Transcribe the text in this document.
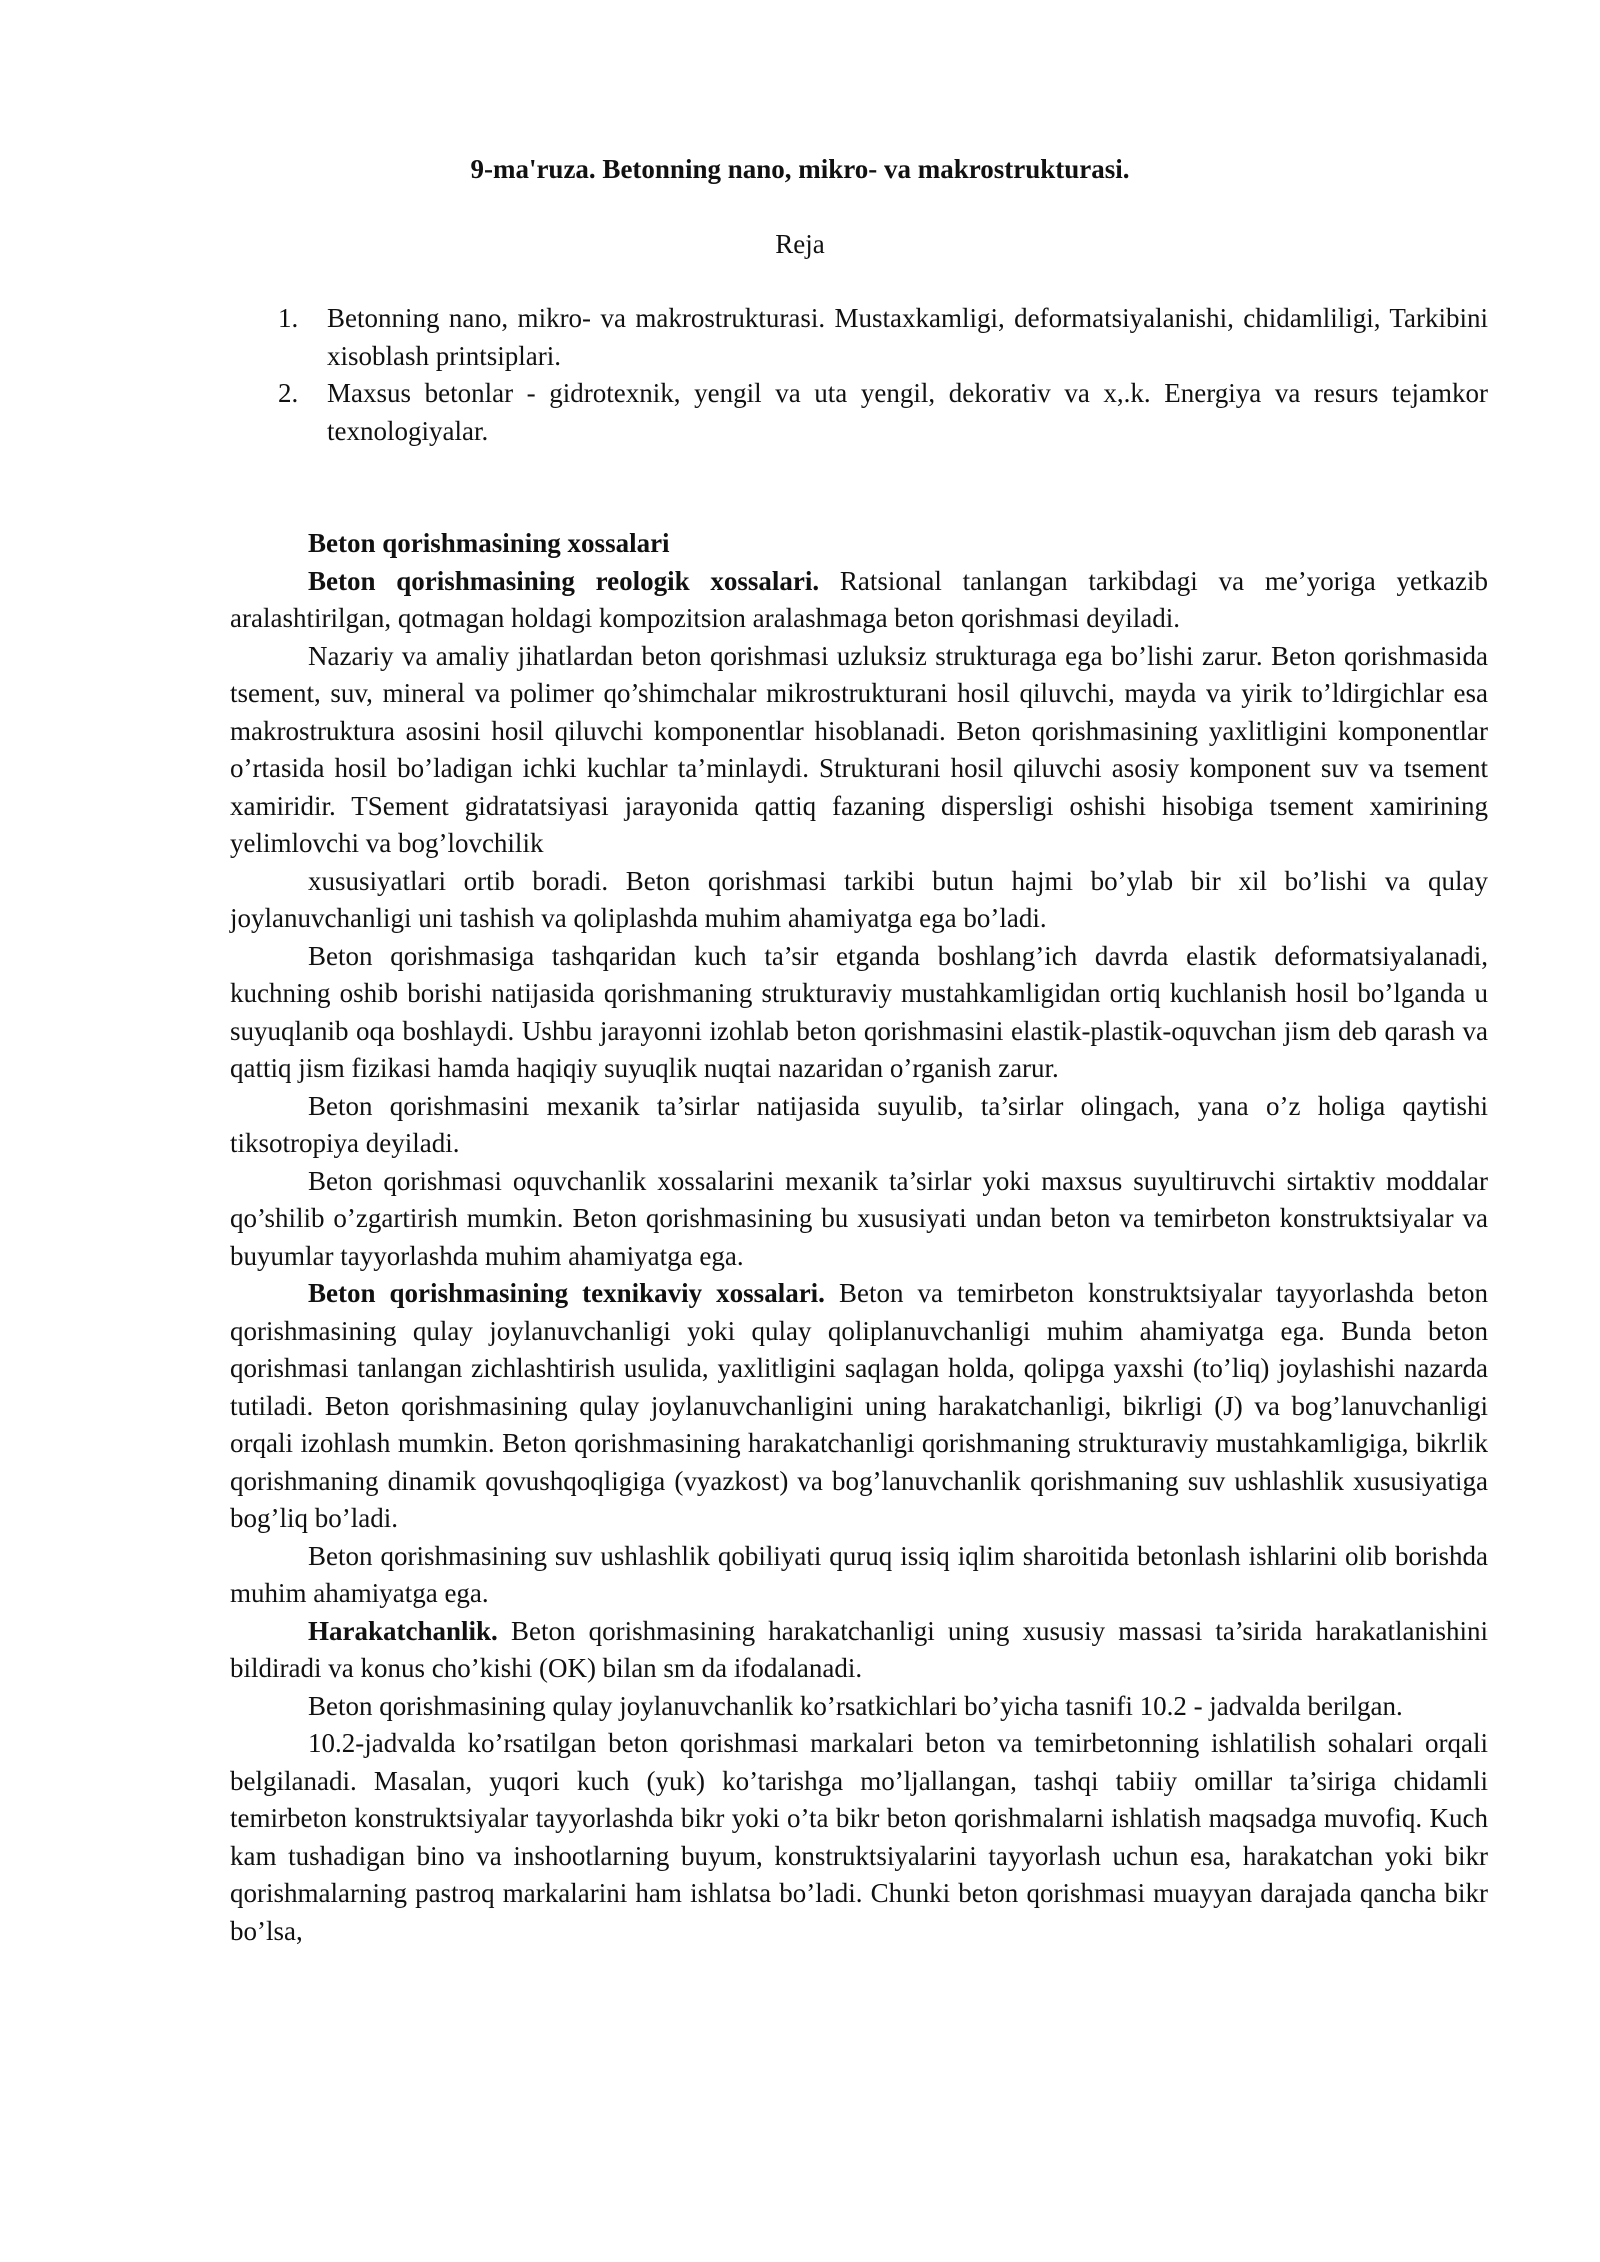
9-ma'ruza. Betonning nano, mikro- va makrostrukturasi.

Reja

1. Betonning nano, mikro- va makrostrukturasi. Mustaxkamligi, deformatsiyalanishi, chidamliligi, Tarkibini xisoblash printsiplari.
2. Maxsus betonlar - gidrotexnik, yengil va uta yengil, dekorativ va x,.k. Energiya va resurs tejamkor texnologiyalar.

Beton qorishmasining xossalari

Beton qorishmasining reologik xossalari. Ratsional tanlangan tarkibdagi va me’yoriga yetkazib aralashtirilgan, qotmagan holdagi kompozitsion aralashmaga beton qorishmasi deyiladi.

Nazariy va amaliy jihatlardan beton qorishmasi uzluksiz strukturaga ega bo’lishi zarur. Beton qorishmasida tsement, suv, mineral va polimer qo’shimchalar mikrostrukturani hosil qiluvchi, mayda va yirik to’ldirgichlar esa makrostruktura asosini hosil qiluvchi komponentlar hisoblanadi. Beton qorishmasining yaxlitligini komponentlar o’rtasida hosil bo’ladigan ichki kuchlar ta’minlaydi. Strukturani hosil qiluvchi asosiy komponent suv va tsement xamiridir. TSement gidratatsiyasi jarayonida qattiq fazaning dispersligi oshishi hisobiga tsement xamirining yelimlovchi va bog’lovchilik

xususiyatlari ortib boradi. Beton qorishmasi tarkibi butun hajmi bo’ylab bir xil bo’lishi va qulay joylanuvchanligi uni tashish va qoliplashda muhim ahamiyatga ega bo’ladi.

Beton qorishmasiga tashqaridan kuch ta’sir etganda boshlang’ich davrda elastik deformatsiyalanadi, kuchning oshib borishi natijasida qorishmaning strukturaviy mustahkamligidan ortiq kuchlanish hosil bo’lganda u suyuqlanib oqa boshlaydi. Ushbu jarayonni izohlab beton qorishmasini elastik-plastik-oquvchan jism deb qarash va qattiq jism fizikasi hamda haqiqiy suyuqlik nuqtai nazaridan o’rganish zarur.

Beton qorishmasini mexanik ta’sirlar natijasida suyulib, ta’sirlar olingach, yana o’z holiga qaytishi tiksotropiya deyiladi.

Beton qorishmasi oquvchanlik xossalarini mexanik ta’sirlar yoki maxsus suyultiruvchi sirtaktiv moddalar qo’shilib o’zgartirish mumkin. Beton qorishmasining bu xususiyati undan beton va temirbeton konstruktsiyalar va buyumlar tayyorlashda muhim ahamiyatga ega.

Beton qorishmasining texnikaviy xossalari. Beton va temirbeton konstruktsiyalar tayyorlashda beton qorishmasining qulay joylanuvchanligi yoki qulay qoliplanuvchanligi muhim ahamiyatga ega. Bunda beton qorishmasi tanlangan zichlashtirish usulida, yaxlitligini saqlagan holda, qolipga yaxshi (to’liq) joylashishi nazarda tutiladi. Beton qorishmasining qulay joylanuvchanligini uning harakatchanligi, bikrligi (J) va bog’lanuvchanligi orqali izohlash mumkin. Beton qorishmasining harakatchanligi qorishmaning strukturaviy mustahkamligiga, bikrlik qorishmaning dinamik qovushqoqligiga (vyazkost) va bog’lanuvchanlik qorishmaning suv ushlashlik xususiyatiga bog’liq bo’ladi.

Beton qorishmasining suv ushlashlik qobiliyati quruq issiq iqlim sharoitida betonlash ishlarini olib borishda muhim ahamiyatga ega.

Harakatchanlik. Beton qorishmasining harakatchanligi uning xususiy massasi ta’sirida harakatlanishini bildiradi va konus cho’kishi (OK) bilan sm da ifodalanadi.

Beton qorishmasining qulay joylanuvchanlik ko’rsatkichlari bo’yicha tasnifi 10.2 - jadvalda berilgan.

10.2-jadvalda ko’rsatilgan beton qorishmasi markalari beton va temirbetonning ishlatilish sohalari orqali belgilanadi. Masalan, yuqori kuch (yuk) ko’tarishga mo’ljallangan, tashqi tabiiy omillar ta’siriga chidamli temirbeton konstruktsiyalar tayyorlashda bikr yoki o’ta bikr beton qorishmalarni ishlatish maqsadga muvofiq. Kuch kam tushadigan bino va inshootlarning buyum, konstruktsiyalarini tayyorlash uchun esa, harakatchan yoki bikr qorishmalarning pastroq markalarini ham ishlatsa bo’ladi. Chunki beton qorishmasi muayyan darajada qancha bikr bo’lsa,
